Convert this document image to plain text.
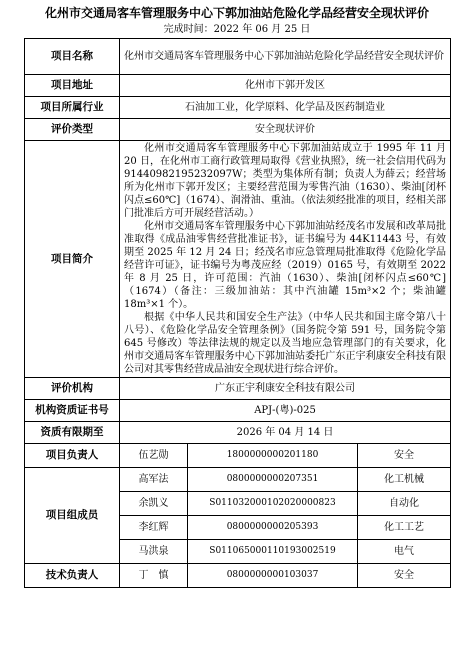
化州市交通局客车管理服务中心下郭加油站危险化学品经营安全现状评价
完成时间：2022 年 06 月 25 日
项目名称	化州市交通局客车管理服务中心下郭加油站危险化学品经营安全现状评价		
项目地址	化州市下郭开发区		
项目所属行业	石油加工业，化学原料、化学品及医药制造业		
评价类型	安全现状评价		
项目简介	化州市交通局客车管理服务中心下郭加油站成立于 1995 年 11 月 20 日，在化州市工商行政管理局取得《营业执照》，统一社会信用代码为 91440982195232097W；类型为集体所有制；负责人为薛云；经营场所为化州市下郭开发区；主要经营范围为零售汽油（1630）、柴油[闭杯闪点≤60℃]（1674）、润滑油、重油。（依法须经批准的项目，经相关部门批准后方可开展经营活动。）

化州市交通局客车管理服务中心下郭加油站经茂名市发展和改革局批准取得《成品油零售经营批准证书》，证书编号为 44K11443 号，有效期至 2025 年 12 月 24 日；经茂名市应急管理局批准取得《危险化学品经营许可证》，证书编号为粤茂应经（2019）0165 号，有效期至 2022 年 8 月 25 日，许可范围：汽油（1630）、柴油[闭杯闪点≤60℃]（1674）（备注：三级加油站：其中汽油罐 15m³×2 个；柴油罐 18m³×1 个）。

根据《中华人民共和国安全生产法》（中华人民共和国主席令第八十八号）、《危险化学品安全管理条例》（国务院令第 591 号，国务院令第 645 号修改）等法律法规的规定以及当地应急管理部门的有关要求，化州市交通局客车管理服务中心下郭加油站委托广东正宇利康安全科技有限公司对其零售经营成品油安全现状进行综合评价。		

评价机构	广东正宇利康安全科技有限公司		
机构资质证书号	APJ-(粤)-025		
资质有限期至	2026 年 04 月 14 日		
项目负责人	伍艺勋	1800000000201180	安全
项目组成员	高军法	0800000000207351	化工机械
	余凯义	S011032000102020000823	自动化
	李红辉	0800000000205393	化工工艺
	马洪泉	S011065000110193002519	电气
技术负责人	丁　慎	0800000000103037	安全
